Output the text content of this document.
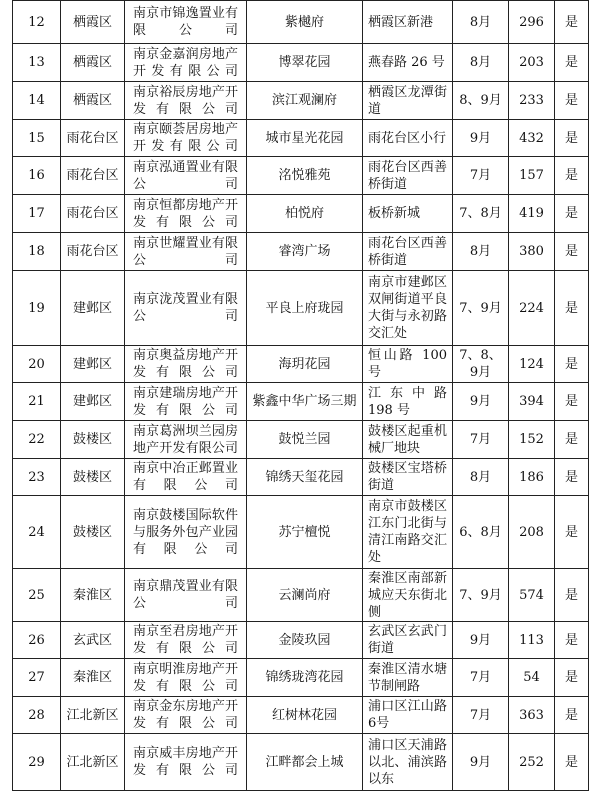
12	栖霞区	南京市锦逸置业有限公司	紫樾府	栖霞区新港	8月	296	是
13	栖霞区	南京金嘉润房地产开发有限公司	博翠花园	燕春路 26 号	8月	203	是
14	栖霞区	南京裕辰房地产开发有限公司	滨江观澜府	栖霞区龙潭街道	8、9月	233	是
15	雨花台区	南京颐荟居房地产开发有限公司	城市星光花园	雨花台区小行	9月	432	是
16	雨花台区	南京泓通置业有限公司	洺悦雅苑	雨花台区西善桥街道	7月	157	是
17	雨花台区	南京恒都房地产开发有限公司	柏悦府	板桥新城	7、8月	419	是
18	雨花台区	南京世耀置业有限公司	睿湾广场	雨花台区西善桥街道	8月	380	是
19	建邺区	南京泷茂置业有限公司	平良上府珑园	南京市建邺区双闸街道平良大街与永初路交汇处	7、9月	224	是
20	建邺区	南京奥益房地产开发有限公司	海玥花园	恒山路 100 号	7、8、9月	124	是
21	建邺区	南京建瑞房地产开发有限公司	紫鑫中华广场三期	江东中路 198 号	9月	394	是
22	鼓楼区	南京葛洲坝兰园房地产开发有限公司	鼓悦兰园	鼓楼区起重机械厂地块	7月	152	是
23	鼓楼区	南京中冶正邺置业有限公司	锦绣天玺花园	鼓楼区宝塔桥街道	8月	186	是
24	鼓楼区	南京鼓楼国际软件与服务外包产业园有限公司	苏宁檀悦	南京市鼓楼区江东门北街与清江南路交汇处	6、8月	208	是
25	秦淮区	南京鼎茂置业有限公司	云澜尚府	秦淮区南部新城应天东街北侧	7、9月	574	是
26	玄武区	南京至君房地产开发有限公司	金陵玖园	玄武区玄武门街道	9月	113	是
27	秦淮区	南京明淮房地产开发有限公司	锦绣珑湾花园	秦淮区清水塘节制闸路	7月	54	是
28	江北新区	南京金东房地产开发有限公司	红树林花园	浦口区江山路6号	7月	363	是
29	江北新区	南京威丰房地产开发有限公司	江畔都会上城	浦口区天浦路以北、浦滨路以东	9月	252	是
